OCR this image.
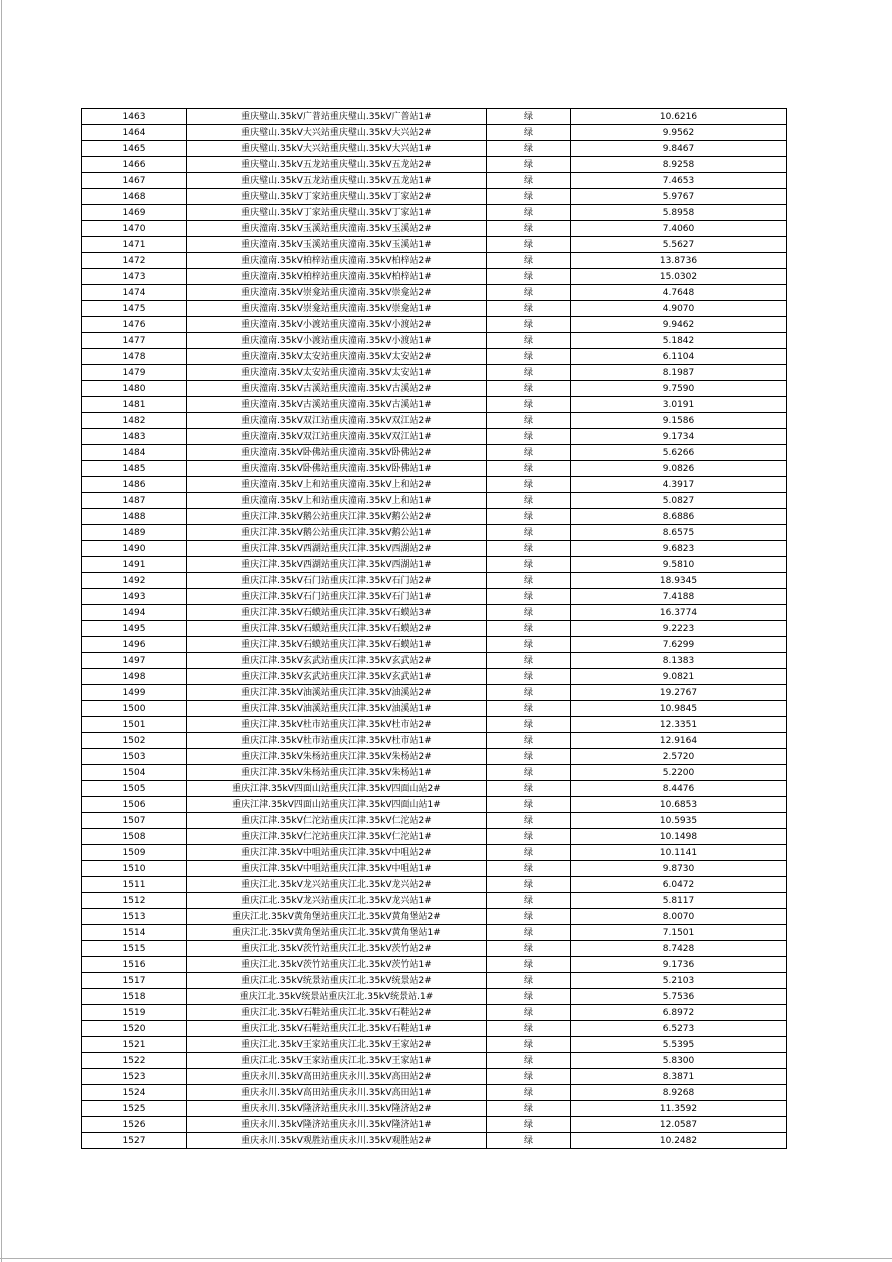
1463	重庆璧山.35kV广普站重庆璧山.35kV广普站1#	绿	10.6216
1464	重庆璧山.35kV大兴站重庆璧山.35kV大兴站2#	绿	9.9562
1465	重庆璧山.35kV大兴站重庆璧山.35kV大兴站1#	绿	9.8467
1466	重庆璧山.35kV五龙站重庆璧山.35kV五龙站2#	绿	8.9258
1467	重庆璧山.35kV五龙站重庆璧山.35kV五龙站1#	绿	7.4653
1468	重庆璧山.35kV丁家站重庆璧山.35kV丁家站2#	绿	5.9767
1469	重庆璧山.35kV丁家站重庆璧山.35kV丁家站1#	绿	5.8958
1470	重庆潼南.35kV玉溪站重庆潼南.35kV玉溪站2#	绿	7.4060
1471	重庆潼南.35kV玉溪站重庆潼南.35kV玉溪站1#	绿	5.5627
1472	重庆潼南.35kV柏梓站重庆潼南.35kV柏梓站2#	绿	13.8736
1473	重庆潼南.35kV柏梓站重庆潼南.35kV柏梓站1#	绿	15.0302
1474	重庆潼南.35kV崇龛站重庆潼南.35kV崇龛站2#	绿	4.7648
1475	重庆潼南.35kV崇龛站重庆潼南.35kV崇龛站1#	绿	4.9070
1476	重庆潼南.35kV小渡站重庆潼南.35kV小渡站2#	绿	9.9462
1477	重庆潼南.35kV小渡站重庆潼南.35kV小渡站1#	绿	5.1842
1478	重庆潼南.35kV太安站重庆潼南.35kV太安站2#	绿	6.1104
1479	重庆潼南.35kV太安站重庆潼南.35kV太安站1#	绿	8.1987
1480	重庆潼南.35kV古溪站重庆潼南.35kV古溪站2#	绿	9.7590
1481	重庆潼南.35kV古溪站重庆潼南.35kV古溪站1#	绿	3.0191
1482	重庆潼南.35kV双江站重庆潼南.35kV双江站2#	绿	9.1586
1483	重庆潼南.35kV双江站重庆潼南.35kV双江站1#	绿	9.1734
1484	重庆潼南.35kV卧佛站重庆潼南.35kV卧佛站2#	绿	5.6266
1485	重庆潼南.35kV卧佛站重庆潼南.35kV卧佛站1#	绿	9.0826
1486	重庆潼南.35kV上和站重庆潼南.35kV上和站2#	绿	4.3917
1487	重庆潼南.35kV上和站重庆潼南.35kV上和站1#	绿	5.0827
1488	重庆江津.35kV鹅公站重庆江津.35kV鹅公站2#	绿	8.6886
1489	重庆江津.35kV鹅公站重庆江津.35kV鹅公站1#	绿	8.6575
1490	重庆江津.35kV西湖站重庆江津.35kV西湖站2#	绿	9.6823
1491	重庆江津.35kV西湖站重庆江津.35kV西湖站1#	绿	9.5810
1492	重庆江津.35kV石门站重庆江津.35kV石门站2#	绿	18.9345
1493	重庆江津.35kV石门站重庆江津.35kV石门站1#	绿	7.4188
1494	重庆江津.35kV石蟆站重庆江津.35kV石蟆站3#	绿	16.3774
1495	重庆江津.35kV石蟆站重庆江津.35kV石蟆站2#	绿	9.2223
1496	重庆江津.35kV石蟆站重庆江津.35kV石蟆站1#	绿	7.6299
1497	重庆江津.35kV玄武站重庆江津.35kV玄武站2#	绿	8.1383
1498	重庆江津.35kV玄武站重庆江津.35kV玄武站1#	绿	9.0821
1499	重庆江津.35kV油溪站重庆江津.35kV油溪站2#	绿	19.2767
1500	重庆江津.35kV油溪站重庆江津.35kV油溪站1#	绿	10.9845
1501	重庆江津.35kV杜市站重庆江津.35kV杜市站2#	绿	12.3351
1502	重庆江津.35kV杜市站重庆江津.35kV杜市站1#	绿	12.9164
1503	重庆江津.35kV朱杨站重庆江津.35kV朱杨站2#	绿	2.5720
1504	重庆江津.35kV朱杨站重庆江津.35kV朱杨站1#	绿	5.2200
1505	重庆江津.35kV四面山站重庆江津.35kV四面山站2#	绿	8.4476
1506	重庆江津.35kV四面山站重庆江津.35kV四面山站1#	绿	10.6853
1507	重庆江津.35kV仁沱站重庆江津.35kV仁沱站2#	绿	10.5935
1508	重庆江津.35kV仁沱站重庆江津.35kV仁沱站1#	绿	10.1498
1509	重庆江津.35kV中咀站重庆江津.35kV中咀站2#	绿	10.1141
1510	重庆江津.35kV中咀站重庆江津.35kV中咀站1#	绿	9.8730
1511	重庆江北.35kV龙兴站重庆江北.35kV龙兴站2#	绿	6.0472
1512	重庆江北.35kV龙兴站重庆江北.35kV龙兴站1#	绿	5.8117
1513	重庆江北.35kV黄角堡站重庆江北.35kV黄角堡站2#	绿	8.0070
1514	重庆江北.35kV黄角堡站重庆江北.35kV黄角堡站1#	绿	7.1501
1515	重庆江北.35kV茨竹站重庆江北.35kV茨竹站2#	绿	8.7428
1516	重庆江北.35kV茨竹站重庆江北.35kV茨竹站1#	绿	9.1736
1517	重庆江北.35kV统景站重庆江北.35kV统景站2#	绿	5.2103
1518	重庆江北.35kV统景站重庆江北.35kV统景站.1#	绿	5.7536
1519	重庆江北.35kV石鞋站重庆江北.35kV石鞋站2#	绿	6.8972
1520	重庆江北.35kV石鞋站重庆江北.35kV石鞋站1#	绿	6.5273
1521	重庆江北.35kV王家站重庆江北.35kV王家站2#	绿	5.5395
1522	重庆江北.35kV王家站重庆江北.35kV王家站1#	绿	5.8300
1523	重庆永川.35kV高田站重庆永川.35kV高田站2#	绿	8.3871
1524	重庆永川.35kV高田站重庆永川.35kV高田站1#	绿	8.9268
1525	重庆永川.35kV隆济站重庆永川.35kV隆济站2#	绿	11.3592
1526	重庆永川.35kV隆济站重庆永川.35kV隆济站1#	绿	12.0587
1527	重庆永川.35kV观胜站重庆永川.35kV观胜站2#	绿	10.2482
